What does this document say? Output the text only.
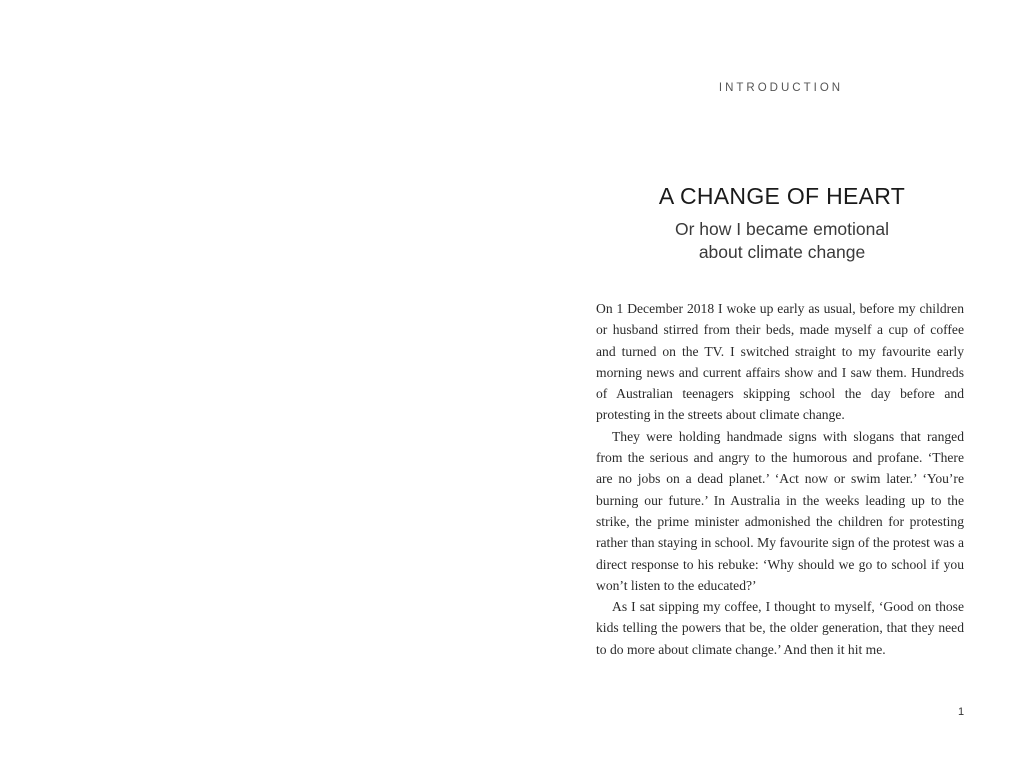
INTRODUCTION
A CHANGE OF HEART
Or how I became emotional
about climate change

On 1 December 2018 I woke up early as usual, before my children or husband stirred from their beds, made myself a cup of coffee and turned on the TV. I switched straight to my favourite early morning news and current affairs show and I saw them. Hundreds of Australian teenagers skipping school the day before and protesting in the streets about climate change.

They were holding handmade signs with slogans that ranged from the serious and angry to the humorous and profane. ‘There are no jobs on a dead planet.’ ‘Act now or swim later.’ ‘You’re burning our future.’ In Australia in the weeks leading up to the strike, the prime minister admonished the children for protesting rather than staying in school. My favourite sign of the protest was a direct response to his rebuke: ‘Why should we go to school if you won’t listen to the educated?’

As I sat sipping my coffee, I thought to myself, ‘Good on those kids telling the powers that be, the older generation, that they need to do more about climate change.’ And then it hit me.

1
